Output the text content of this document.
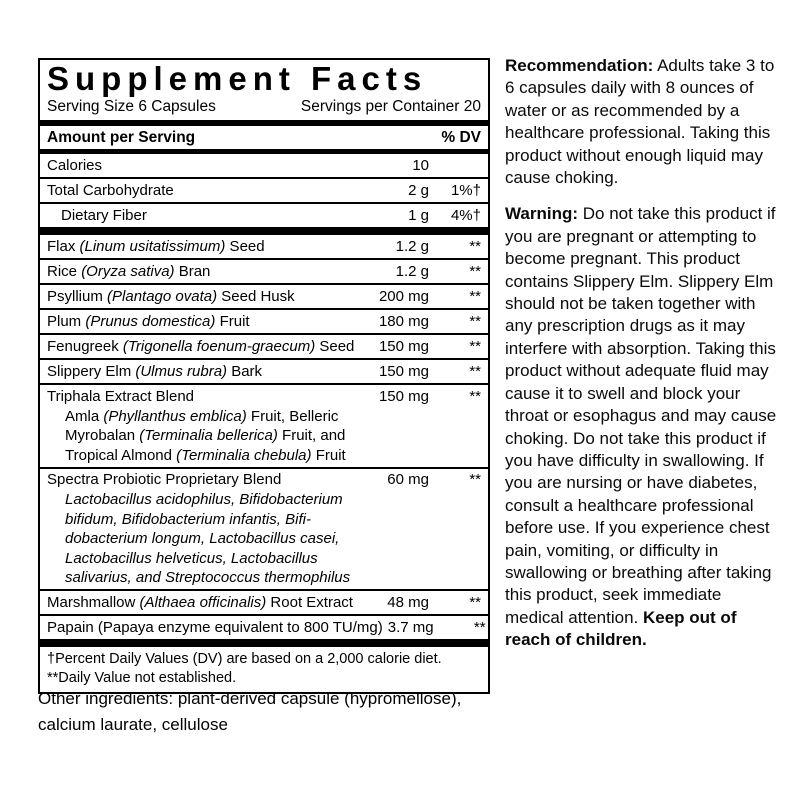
Supplement Facts
Serving Size 6 Capsules	Servings per Container 20
Amount per Serving	% DV
Calories	10
Total Carbohydrate	2 g	1%†
Dietary Fiber	1 g	4%†
Flax (Linum usitatissimum) Seed	1.2 g	**
Rice (Oryza sativa) Bran	1.2 g	**
Psyllium (Plantago ovata) Seed Husk	200 mg	**
Plum (Prunus domestica) Fruit	180 mg	**
Fenugreek (Trigonella foenum-graecum) Seed	150 mg	**
Slippery Elm (Ulmus rubra) Bark	150 mg	**
Triphala Extract Blend	150 mg	**
Amla (Phyllanthus emblica) Fruit, Belleric
Myrobalan (Terminalia bellerica) Fruit, and
Tropical Almond (Terminalia chebula) Fruit
Spectra Probiotic Proprietary Blend	60 mg	**
Lactobacillus acidophilus, Bifidobacterium
bifidum, Bifidobacterium infantis, Bifi-
dobacterium longum, Lactobacillus casei,
Lactobacillus helveticus, Lactobacillus
salivarius, and Streptococcus thermophilus
Marshmallow (Althaea officinalis) Root Extract	48 mg	**
Papain (Papaya enzyme equivalent to 800 TU/mg) 3.7 mg	**
†Percent Daily Values (DV) are based on a 2,000 calorie diet.
**Daily Value not established.
Other ingredients: plant-derived capsule (hypromellose), calcium laurate, cellulose

Recommendation: Adults take 3 to 6 capsules daily with 8 ounces of water or as recommended by a healthcare professional. Taking this product without enough liquid may cause choking.

Warning: Do not take this product if you are pregnant or attempting to become pregnant. This product contains Slippery Elm. Slippery Elm should not be taken together with any prescription drugs as it may interfere with absorption. Taking this product without adequate fluid may cause it to swell and block your throat or esophagus and may cause choking. Do not take this product if you have difficulty in swallowing. If you are nursing or have diabetes, consult a healthcare professional before use. If you experience chest pain, vomiting, or difficulty in swallowing or breathing after taking this product, seek immediate medical attention. Keep out of reach of children.
